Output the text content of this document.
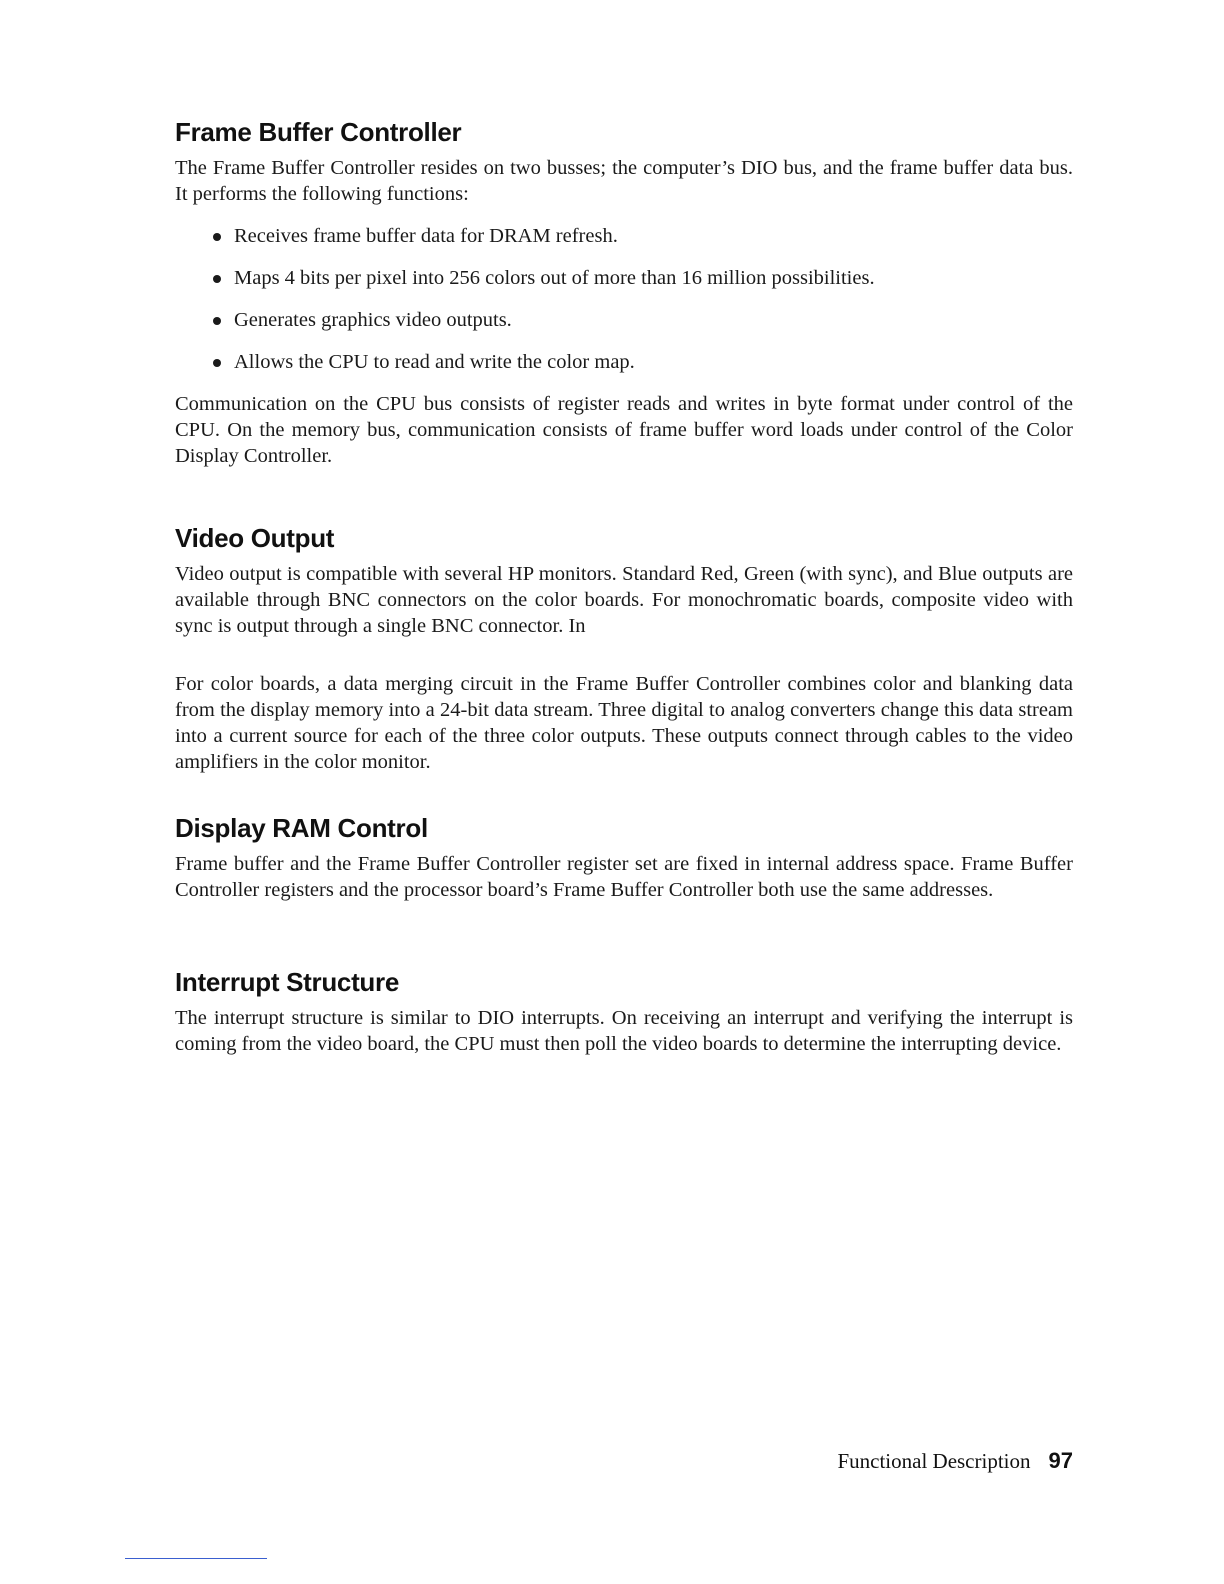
Frame Buffer Controller

The Frame Buffer Controller resides on two busses; the computer’s DIO bus, and the frame buffer data bus. It performs the following functions:

Receives frame buffer data for DRAM refresh.
Maps 4 bits per pixel into 256 colors out of more than 16 million possibilities.
Generates graphics video outputs.
Allows the CPU to read and write the color map.

Communication on the CPU bus consists of register reads and writes in byte format under control of the CPU. On the memory bus, communication consists of frame buffer word loads under control of the Color Display Controller.

Video Output

Video output is compatible with several HP monitors. Standard Red, Green (with sync), and Blue outputs are available through BNC connectors on the color boards. For monochromatic boards, composite video with sync is output through a single BNC connector. In

For color boards, a data merging circuit in the Frame Buffer Controller combines color and blanking data from the display memory into a 24-bit data stream. Three digital to analog converters change this data stream into a current source for each of the three color outputs. These outputs connect through cables to the video amplifiers in the color monitor.

Display RAM Control

Frame buffer and the Frame Buffer Controller register set are fixed in internal address space. Frame Buffer Controller registers and the processor board’s Frame Buffer Controller both use the same addresses.

Interrupt Structure

The interrupt structure is similar to DIO interrupts. On receiving an interrupt and verifying the interrupt is coming from the video board, the CPU must then poll the video boards to determine the interrupting device.

Functional Description 97
